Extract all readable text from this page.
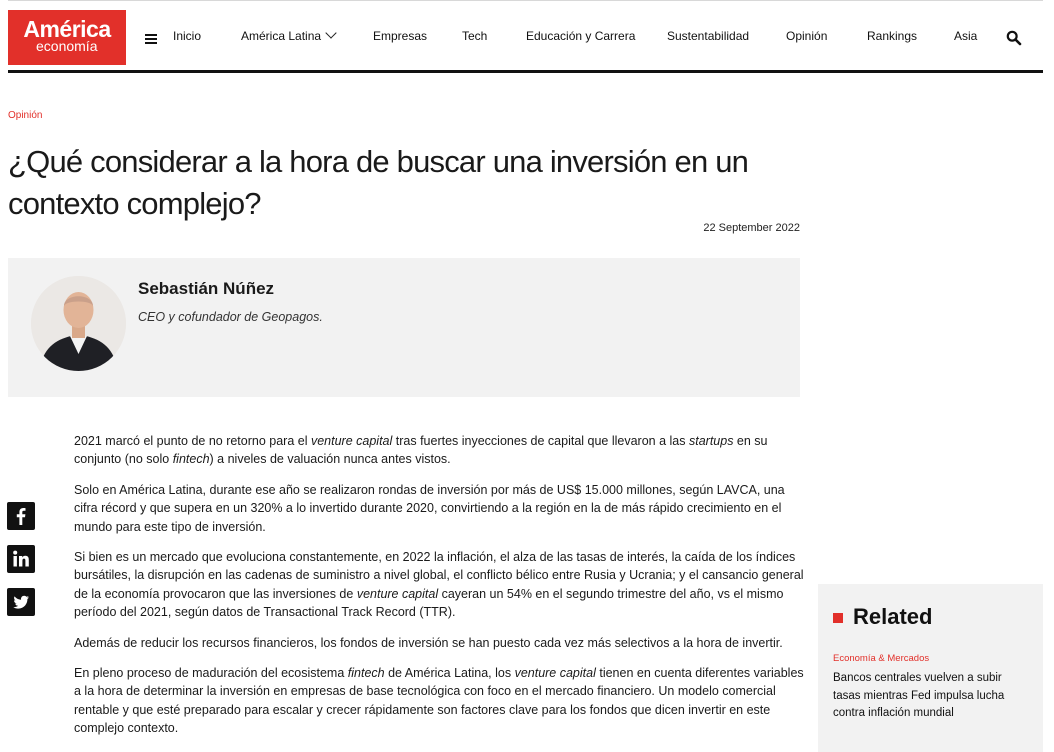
América
economía
Inicio	América Latina	Empresas	Tech	Educación y Carrera	Sustentabilidad	Opinión	Rankings	Asia
Opinión
¿Qué considerar a la hora de buscar una inversión en un contexto complejo?
22 September 2022
Sebastián Núñez
CEO y cofundador de Geopagos.

2021 marcó el punto de no retorno para el venture capital tras fuertes inyecciones de capital que llevaron a las startups en su conjunto (no solo fintech) a niveles de valuación nunca antes vistos.

Solo en América Latina, durante ese año se realizaron rondas de inversión por más de US$ 15.000 millones, según LAVCA, una cifra récord y que supera en un 320% a lo invertido durante 2020, convirtiendo a la región en la de más rápido crecimiento en el mundo para este tipo de inversión.

Si bien es un mercado que evoluciona constantemente, en 2022 la inflación, el alza de las tasas de interés, la caída de los índices bursátiles, la disrupción en las cadenas de suministro a nivel global, el conflicto bélico entre Rusia y Ucrania; y el cansancio general de la economía provocaron que las inversiones de venture capital cayeran un 54% en el segundo trimestre del año, vs el mismo período del 2021, según datos de Transactional Track Record (TTR).

Además de reducir los recursos financieros, los fondos de inversión se han puesto cada vez más selectivos a la hora de invertir.

En pleno proceso de maduración del ecosistema fintech de América Latina, los venture capital tienen en cuenta diferentes variables a la hora de determinar la inversión en empresas de base tecnológica con foco en el mercado financiero. Un modelo comercial rentable y que esté preparado para escalar y crecer rápidamente son factores clave para los fondos que dicen invertir en este complejo contexto.

Related
Economía & Mercados
Bancos centrales vuelven a subir tasas mientras Fed impulsa lucha contra inflación mundial
